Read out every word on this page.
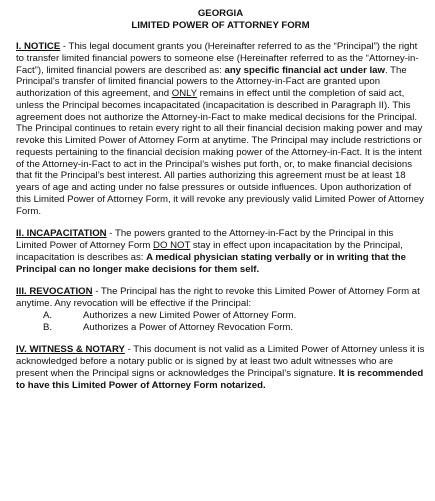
GEORGIA
LIMITED POWER OF ATTORNEY FORM

I. NOTICE - This legal document grants you (Hereinafter referred to as the “Principal”) the right to transfer limited financial powers to someone else (Hereinafter referred to as the “Attorney-in-Fact”), limited financial powers are described as: any specific financial act under law. The Principal’s transfer of limited financial powers to the Attorney-in-Fact are granted upon authorization of this agreement, and ONLY remains in effect until the completion of said act, unless the Principal becomes incapacitated (incapacitation is described in Paragraph II). This agreement does not authorize the Attorney-in-Fact to make medical decisions for the Principal. The Principal continues to retain every right to all their financial decision making power and may revoke this Limited Power of Attorney Form at anytime. The Principal may include restrictions or requests pertaining to the financial decision making power of the Attorney-in-Fact. It is the intent of the Attorney-in-Fact to act in the Principal’s wishes put forth, or, to make financial decisions that fit the Principal’s best interest. All parties authorizing this agreement must be at least 18 years of age and acting under no false pressures or outside influences. Upon authorization of this Limited Power of Attorney Form, it will revoke any previously valid Limited Power of Attorney Form.

II. INCAPACITATION - The powers granted to the Attorney-in-Fact by the Principal in this Limited Power of Attorney Form DO NOT stay in effect upon incapacitation by the Principal, incapacitation is describes as: A medical physician stating verbally or in writing that the Principal can no longer make decisions for them self.

III. REVOCATION - The Principal has the right to revoke this Limited Power of Attorney Form at anytime. Any revocation will be effective if the Principal:

A.	Authorizes a new Limited Power of Attorney Form.
B.	Authorizes a Power of Attorney Revocation Form.

IV. WITNESS & NOTARY - This document is not valid as a Limited Power of Attorney unless it is acknowledged before a notary public or is signed by at least two adult witnesses who are present when the Principal signs or acknowledges the Principal’s signature. It is recommended to have this Limited Power of Attorney Form notarized.
